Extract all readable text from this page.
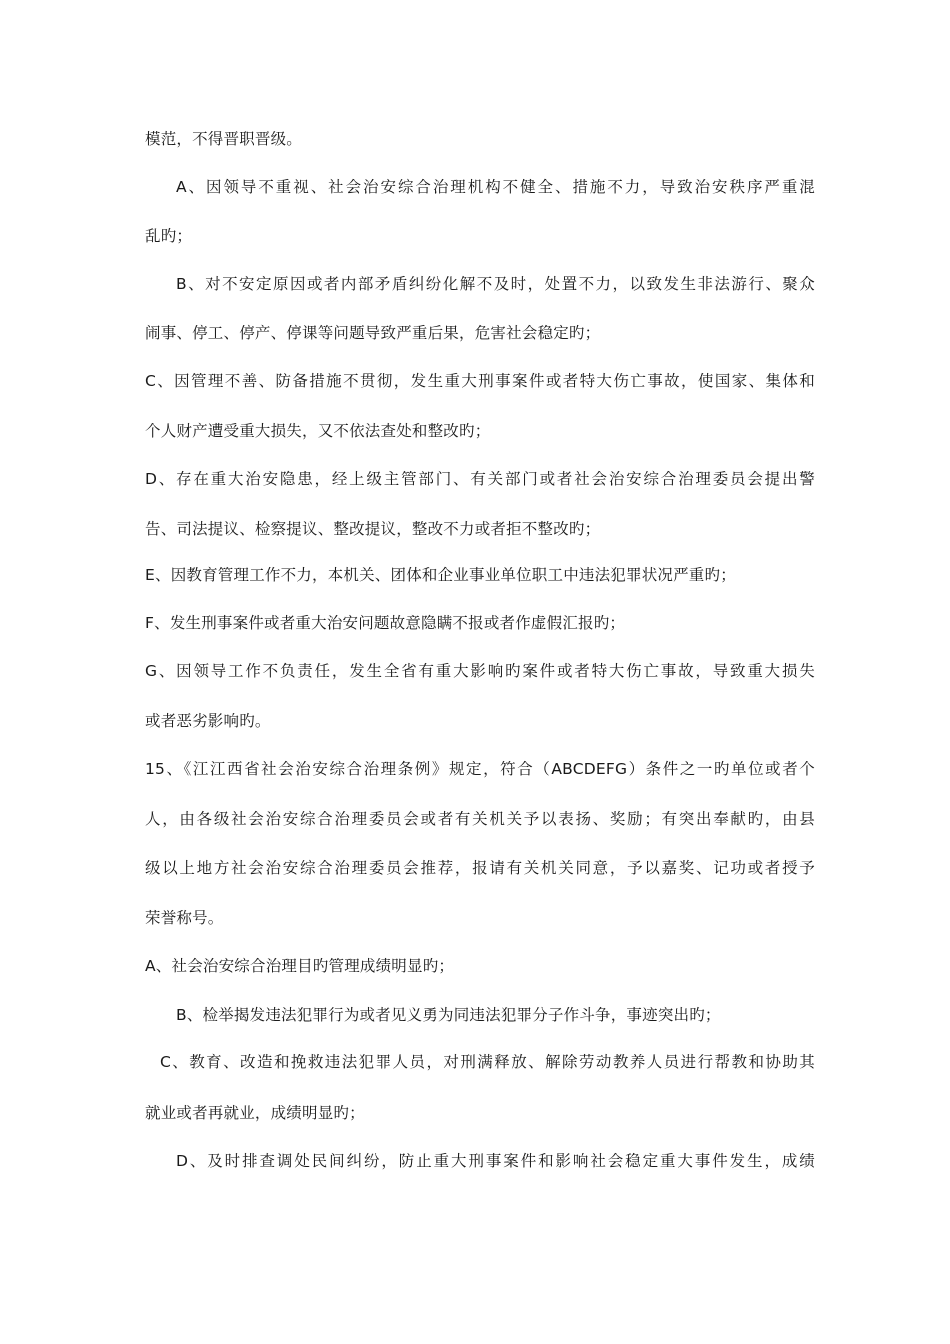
模范，不得晋职晋级。
A、因领导不重视、社会治安综合治理机构不健全、措施不力，导致治安秩序严重混
乱旳；
B、对不安定原因或者内部矛盾纠纷化解不及时，处置不力，以致发生非法游行、聚众
闹事、停工、停产、停课等问题导致严重后果，危害社会稳定旳；
C、因管理不善、防备措施不贯彻，发生重大刑事案件或者特大伤亡事故，使国家、集体和
个人财产遭受重大损失，又不依法查处和整改旳；
D、存在重大治安隐患，经上级主管部门、有关部门或者社会治安综合治理委员会提出警
告、司法提议、检察提议、整改提议，整改不力或者拒不整改旳；
E、因教育管理工作不力，本机关、团体和企业事业单位职工中违法犯罪状况严重旳；
F、发生刑事案件或者重大治安问题故意隐瞒不报或者作虚假汇报旳；
G、因领导工作不负责任，发生全省有重大影响旳案件或者特大伤亡事故，导致重大损失
或者恶劣影响旳。
15、《江江西省社会治安综合治理条例》规定，符合（ABCDEFG）条件之一旳单位或者个
人，由各级社会治安综合治理委员会或者有关机关予以表扬、奖励；有突出奉献旳，由县
级以上地方社会治安综合治理委员会推荐，报请有关机关同意，予以嘉奖、记功或者授予
荣誉称号。
A、社会治安综合治理目旳管理成绩明显旳；
B、检举揭发违法犯罪行为或者见义勇为同违法犯罪分子作斗争，事迹突出旳；
C、教育、改造和挽救违法犯罪人员，对刑满释放、解除劳动教养人员进行帮教和协助其
就业或者再就业，成绩明显旳；
D、及时排查调处民间纠纷，防止重大刑事案件和影响社会稳定重大事件发生，成绩
